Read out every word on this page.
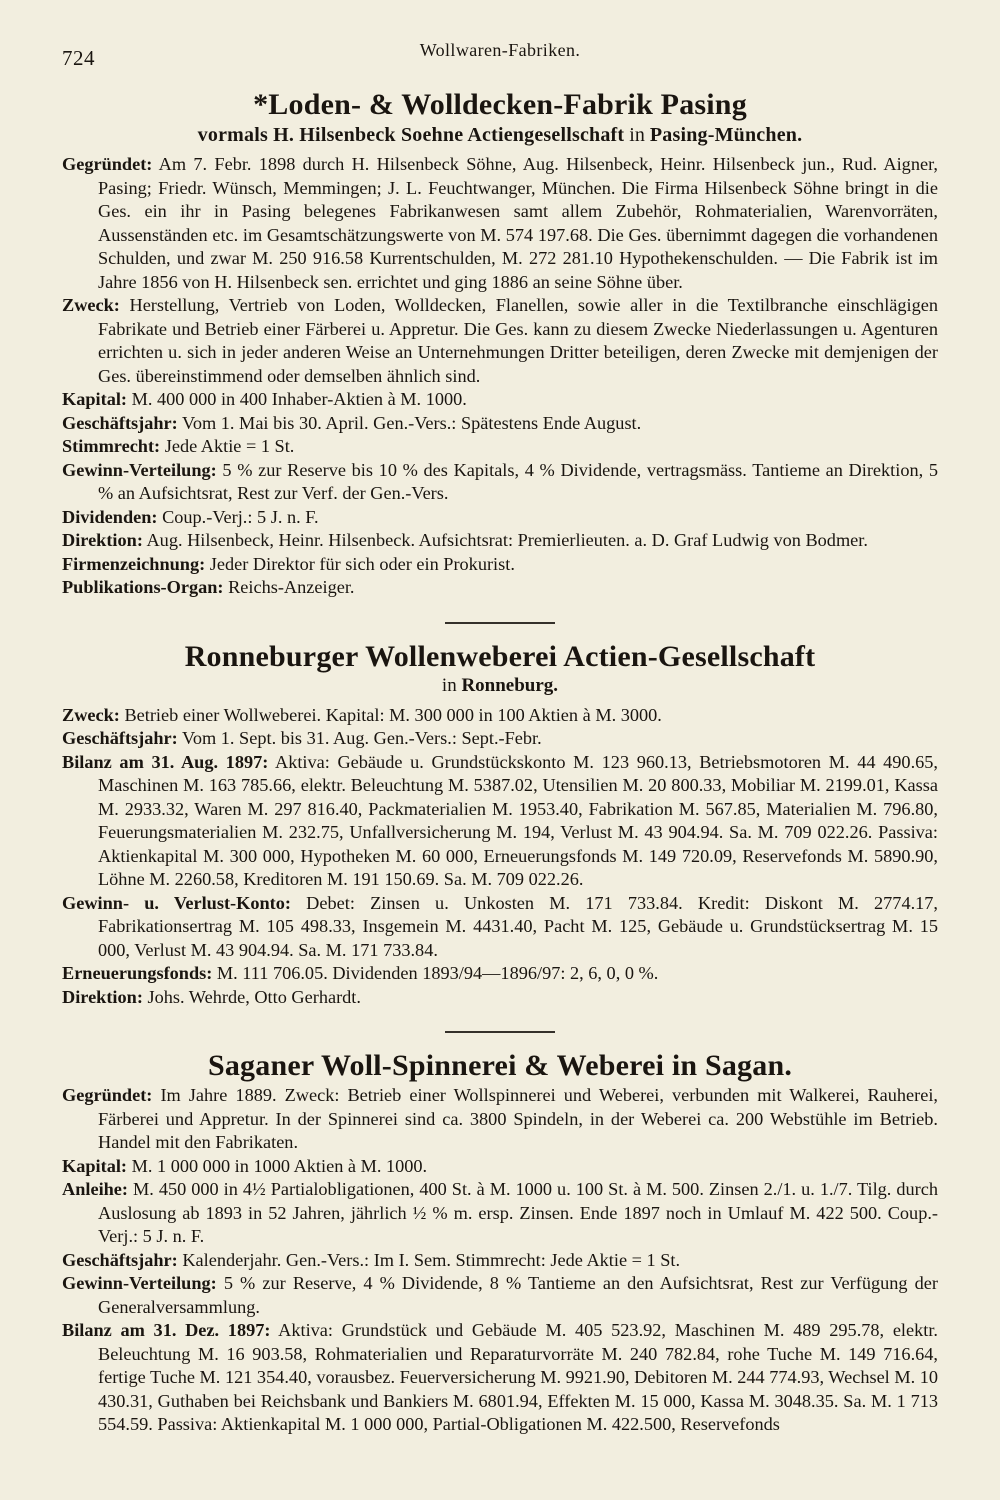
724	Wollwaren-Fabriken.
*Loden- & Wolldecken-Fabrik Pasing
vormals H. Hilsenbeck Soehne Actiengesellschaft in Pasing-München.
Gegründet: Am 7. Febr. 1898 durch H. Hilsenbeck Söhne, Aug. Hilsenbeck, Heinr. Hilsenbeck jun., Rud. Aigner, Pasing; Friedr. Wünsch, Memmingen; J. L. Feuchtwanger, München. Die Firma Hilsenbeck Söhne bringt in die Ges. ein ihr in Pasing belegenes Fabrikanwesen samt allem Zubehör, Rohmaterialien, Warenvorräten, Aussenständen etc. im Gesamtschätzungswerte von M. 574 197.68. Die Ges. übernimmt dagegen die vorhandenen Schulden, und zwar M. 250 916.58 Kurrentschulden, M. 272 281.10 Hypothekenschulden. — Die Fabrik ist im Jahre 1856 von H. Hilsenbeck sen. errichtet und ging 1886 an seine Söhne über.
Zweck: Herstellung, Vertrieb von Loden, Wolldecken, Flanellen, sowie aller in die Textilbranche einschlägigen Fabrikate und Betrieb einer Färberei u. Appretur. Die Ges. kann zu diesem Zwecke Niederlassungen u. Agenturen errichten u. sich in jeder anderen Weise an Unternehmungen Dritter beteiligen, deren Zwecke mit demjenigen der Ges. übereinstimmend oder demselben ähnlich sind.
Kapital: M. 400 000 in 400 Inhaber-Aktien à M. 1000.
Geschäftsjahr: Vom 1. Mai bis 30. April. Gen.-Vers.: Spätestens Ende August.
Stimmrecht: Jede Aktie = 1 St.
Gewinn-Verteilung: 5 % zur Reserve bis 10 % des Kapitals, 4 % Dividende, vertragsmäss. Tantieme an Direktion, 5 % an Aufsichtsrat, Rest zur Verf. der Gen.-Vers.
Dividenden: Coup.-Verj.: 5 J. n. F.
Direktion: Aug. Hilsenbeck, Heinr. Hilsenbeck. Aufsichtsrat: Premierlieuten. a. D. Graf Ludwig von Bodmer.
Firmenzeichnung: Jeder Direktor für sich oder ein Prokurist.
Publikations-Organ: Reichs-Anzeiger.
Ronneburger Wollenweberei Actien-Gesellschaft
in Ronneburg.
Zweck: Betrieb einer Wollweberei. Kapital: M. 300 000 in 100 Aktien à M. 3000.
Geschäftsjahr: Vom 1. Sept. bis 31. Aug. Gen.-Vers.: Sept.-Febr.
Bilanz am 31. Aug. 1897: Aktiva: Gebäude u. Grundstückskonto M. 123 960.13, Betriebsmotoren M. 44 490.65, Maschinen M. 163 785.66, elektr. Beleuchtung M. 5387.02, Utensilien M. 20 800.33, Mobiliar M. 2199.01, Kassa M. 2933.32, Waren M. 297 816.40, Packmaterialien M. 1953.40, Fabrikation M. 567.85, Materialien M. 796.80, Feuerungsmaterialien M. 232.75, Unfallversicherung M. 194, Verlust M. 43 904.94. Sa. M. 709 022.26. Passiva: Aktienkapital M. 300 000, Hypotheken M. 60 000, Erneuerungsfonds M. 149 720.09, Reservefonds M. 5890.90, Löhne M. 2260.58, Kreditoren M. 191 150.69. Sa. M. 709 022.26.
Gewinn- u. Verlust-Konto: Debet: Zinsen u. Unkosten M. 171 733.84. Kredit: Diskont M. 2774.17, Fabrikationsertrag M. 105 498.33, Insgemein M. 4431.40, Pacht M. 125, Gebäude u. Grundstücksertrag M. 15 000, Verlust M. 43 904.94. Sa. M. 171 733.84.
Erneuerungsfonds: M. 111 706.05. Dividenden 1893/94—1896/97: 2, 6, 0, 0 %.
Direktion: Johs. Wehrde, Otto Gerhardt.
Saganer Woll-Spinnerei & Weberei in Sagan.
Gegründet: Im Jahre 1889. Zweck: Betrieb einer Wollspinnerei und Weberei, verbunden mit Walkerei, Rauherei, Färberei und Appretur. In der Spinnerei sind ca. 3800 Spindeln, in der Weberei ca. 200 Webstühle im Betrieb. Handel mit den Fabrikaten.
Kapital: M. 1 000 000 in 1000 Aktien à M. 1000.
Anleihe: M. 450 000 in 4½ Partialobligationen, 400 St. à M. 1000 u. 100 St. à M. 500. Zinsen 2./1. u. 1./7. Tilg. durch Auslosung ab 1893 in 52 Jahren, jährlich ½ % m. ersp. Zinsen. Ende 1897 noch in Umlauf M. 422 500. Coup.-Verj.: 5 J. n. F.
Geschäftsjahr: Kalenderjahr. Gen.-Vers.: Im I. Sem. Stimmrecht: Jede Aktie = 1 St.
Gewinn-Verteilung: 5 % zur Reserve, 4 % Dividende, 8 % Tantieme an den Aufsichtsrat, Rest zur Verfügung der Generalversammlung.
Bilanz am 31. Dez. 1897: Aktiva: Grundstück und Gebäude M. 405 523.92, Maschinen M. 489 295.78, elektr. Beleuchtung M. 16 903.58, Rohmaterialien und Reparaturvorräte M. 240 782.84, rohe Tuche M. 149 716.64, fertige Tuche M. 121 354.40, vorausbez. Feuerversicherung M. 9921.90, Debitoren M. 244 774.93, Wechsel M. 10 430.31, Guthaben bei Reichsbank und Bankiers M. 6801.94, Effekten M. 15 000, Kassa M. 3048.35. Sa. M. 1 713 554.59. Passiva: Aktienkapital M. 1 000 000, Partial-Obligationen M. 422.500, Reservefonds
